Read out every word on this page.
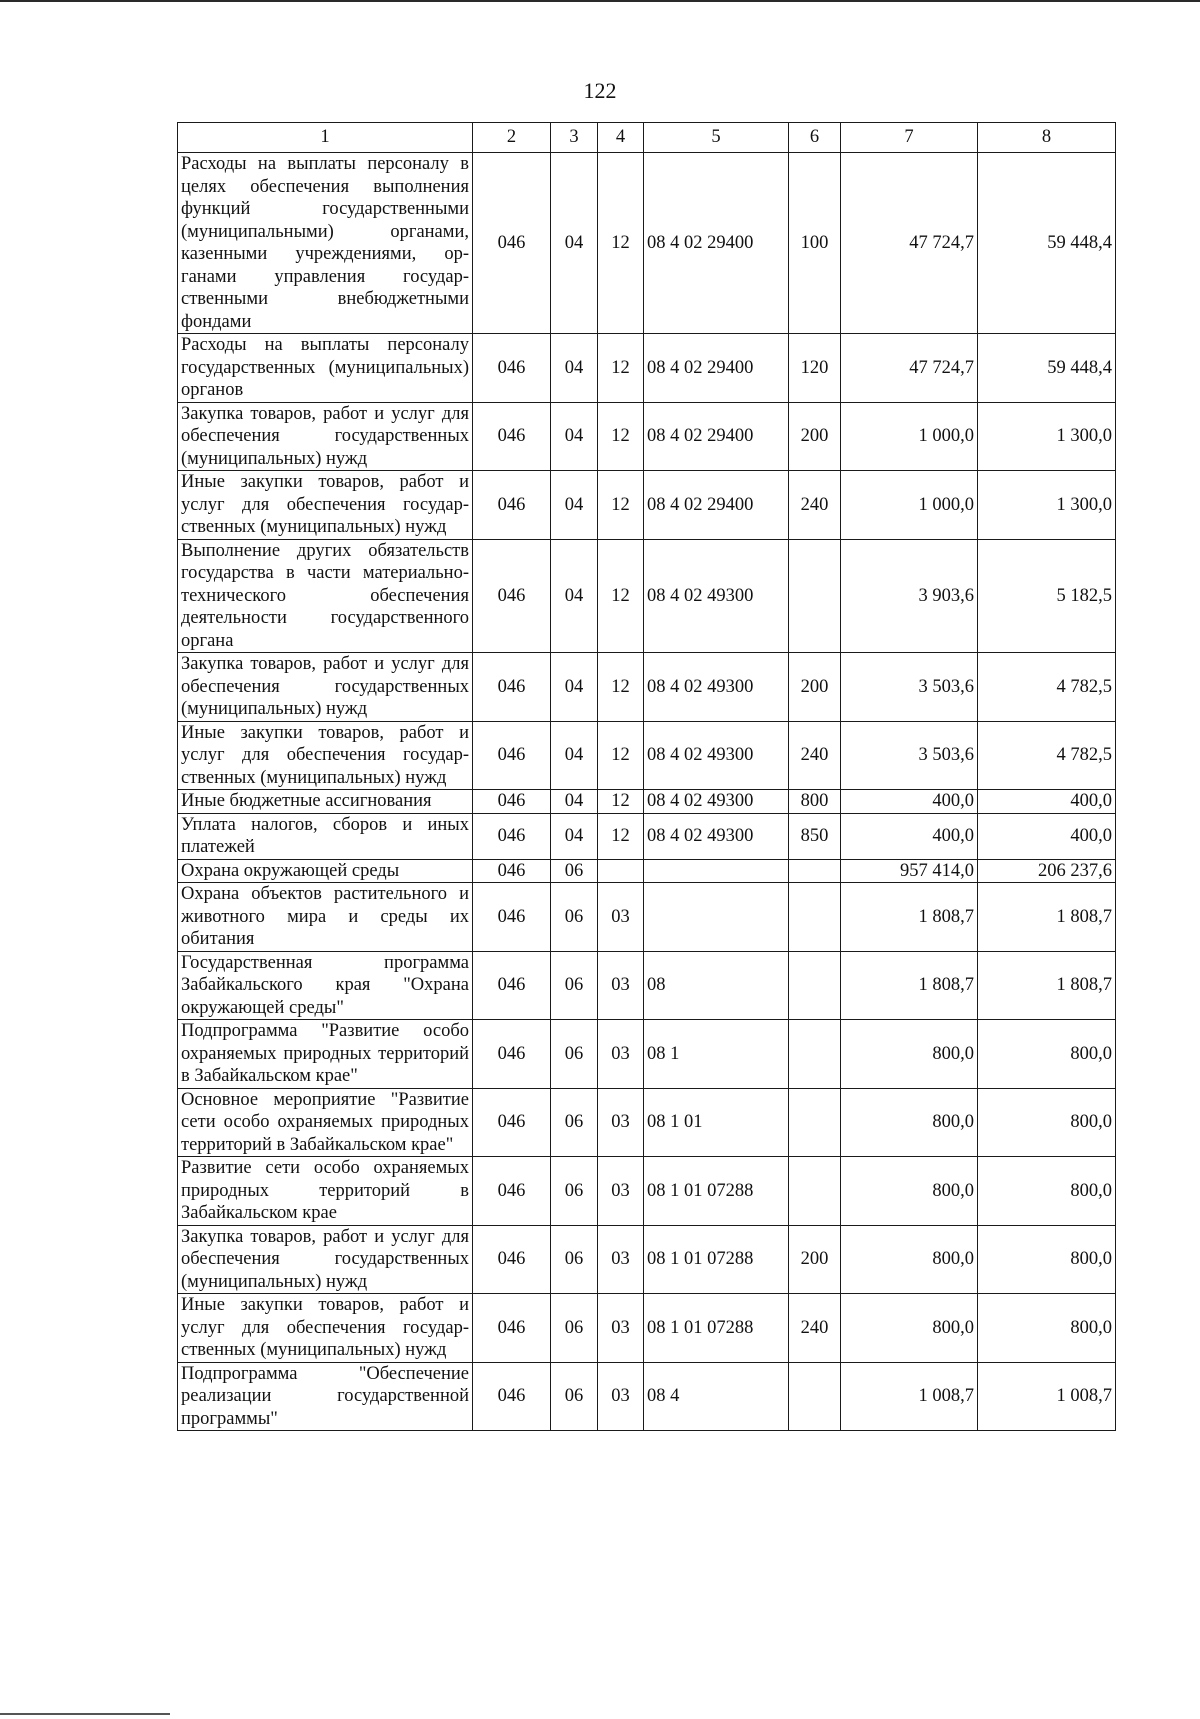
122
1	2	3	4	5	6	7	8
Расходы на выплаты персоналу в целях обеспечения выполнения функций государственными (муниципальными) органами, казенными учреждениями, органами управления государственными внебюджетными фондами	046	04	12	08 4 02 29400	100	47 724,7	59 448,4
Расходы на выплаты персоналу государственных (муниципальных) органов	046	04	12	08 4 02 29400	120	47 724,7	59 448,4
Закупка товаров, работ и услуг для обеспечения государственных (муниципальных) нужд	046	04	12	08 4 02 29400	200	1 000,0	1 300,0
Иные закупки товаров, работ и услуг для обеспечения государственных (муниципальных) нужд	046	04	12	08 4 02 29400	240	1 000,0	1 300,0
Выполнение других обязательств государства в части материально-технического обеспечения деятельности государственного органа	046	04	12	08 4 02 49300		3 903,6	5 182,5
Закупка товаров, работ и услуг для обеспечения государственных (муниципальных) нужд	046	04	12	08 4 02 49300	200	3 503,6	4 782,5
Иные закупки товаров, работ и услуг для обеспечения государственных (муниципальных) нужд	046	04	12	08 4 02 49300	240	3 503,6	4 782,5
Иные бюджетные ассигнования	046	04	12	08 4 02 49300	800	400,0	400,0
Уплата налогов, сборов и иных платежей	046	04	12	08 4 02 49300	850	400,0	400,0
Охрана окружающей среды	046	06				957 414,0	206 237,6
Охрана объектов растительного и животного мира и среды их обитания	046	06	03			1 808,7	1 808,7
Государственная программа Забайкальского края "Охрана окружающей среды"	046	06	03	08		1 808,7	1 808,7
Подпрограмма "Развитие особо охраняемых природных территорий в Забайкальском крае"	046	06	03	08 1		800,0	800,0
Основное мероприятие "Развитие сети особо охраняемых природных территорий в Забайкальском крае"	046	06	03	08 1 01		800,0	800,0
Развитие сети особо охраняемых природных территорий в Забайкальском крае	046	06	03	08 1 01 07288		800,0	800,0
Закупка товаров, работ и услуг для обеспечения государственных (муниципальных) нужд	046	06	03	08 1 01 07288	200	800,0	800,0
Иные закупки товаров, работ и услуг для обеспечения государственных (муниципальных) нужд	046	06	03	08 1 01 07288	240	800,0	800,0
Подпрограмма "Обеспечение реализации государственной программы"	046	06	03	08 4		1 008,7	1 008,7
